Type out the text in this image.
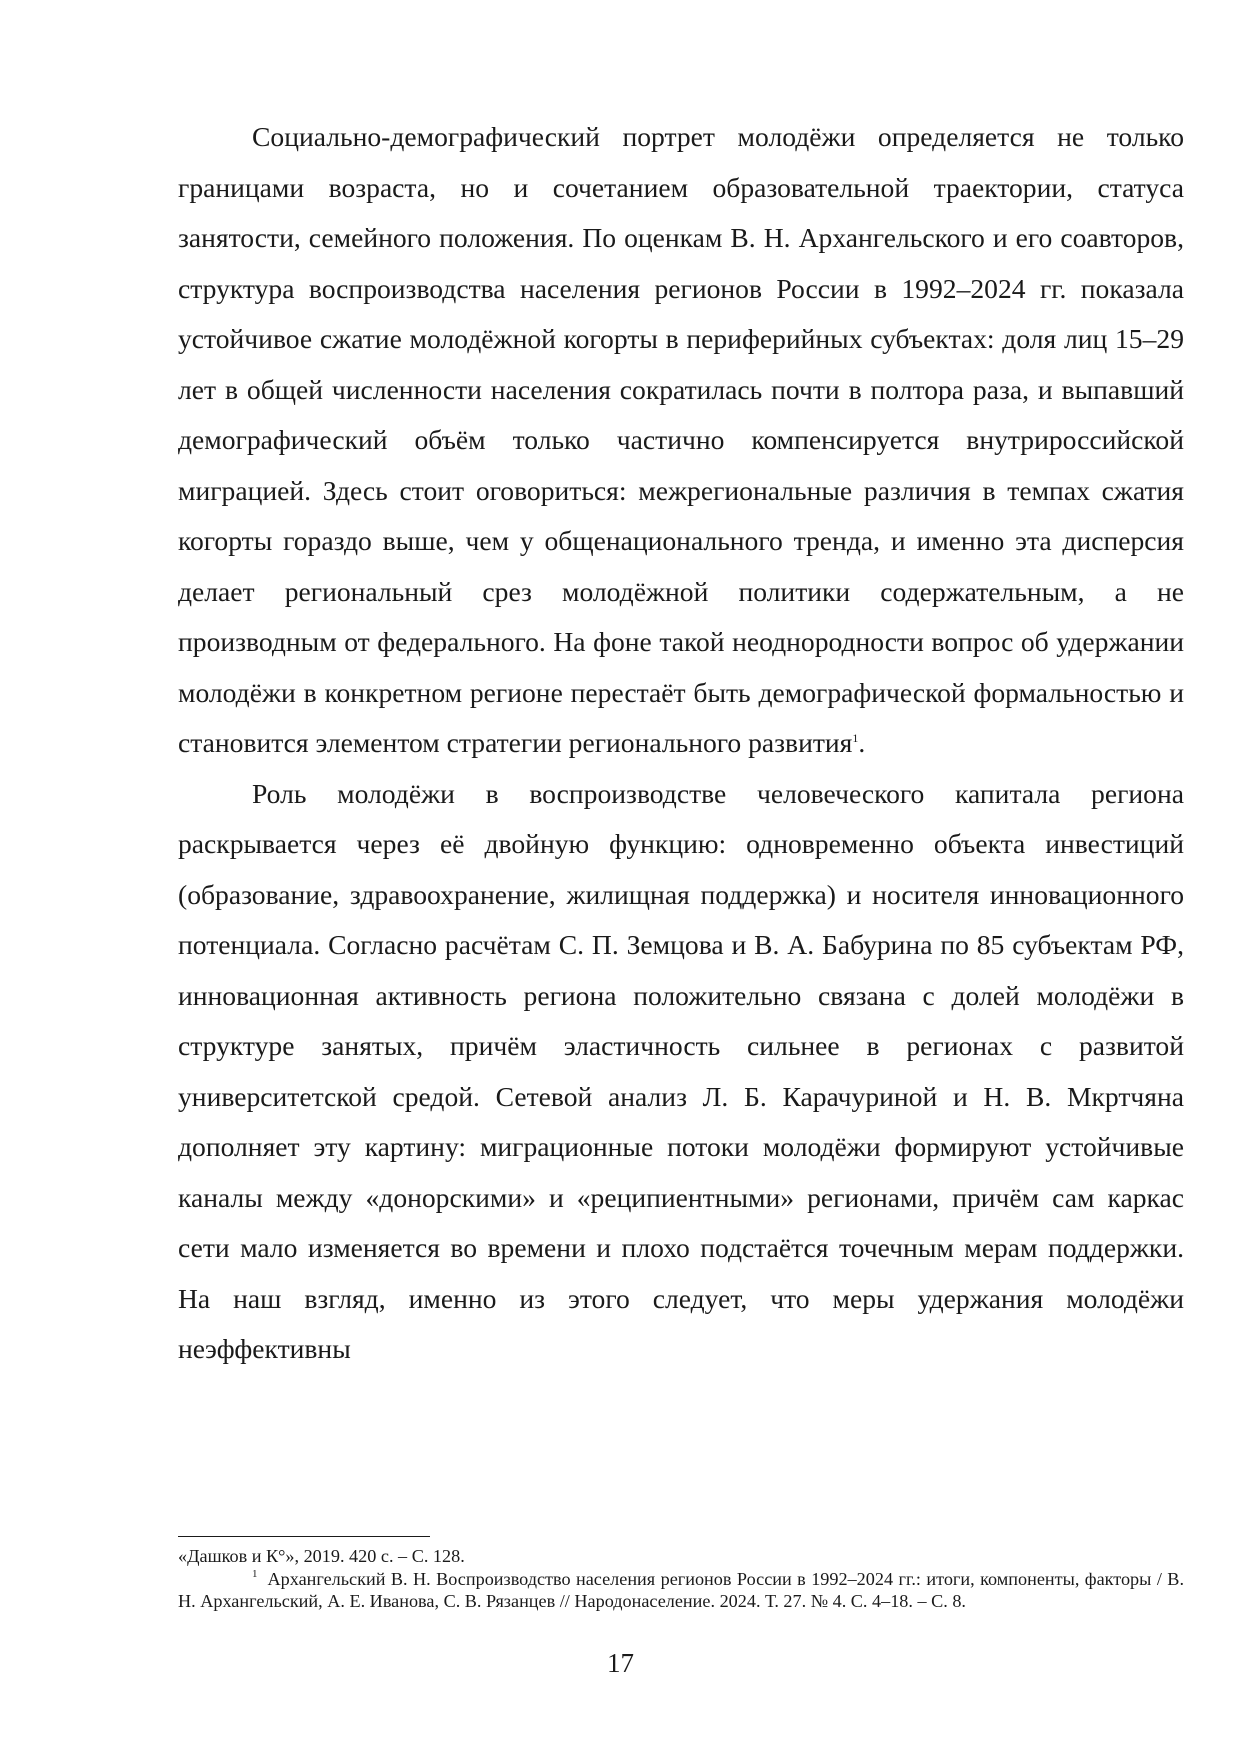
Социально-демографический портрет молодёжи определяется не только границами возраста, но и сочетанием образовательной траектории, статуса занятости, семейного положения. По оценкам В. Н. Архангельского и его соавторов, структура воспроизводства населения регионов России в 1992–2024 гг. показала устойчивое сжатие молодёжной когорты в периферийных субъектах: доля лиц 15–29 лет в общей численности населения сократилась почти в полтора раза, и выпавший демографический объём только частично компенсируется внутрироссийской миграцией. Здесь стоит оговориться: межрегиональные различия в темпах сжатия когорты гораздо выше, чем у общенационального тренда, и именно эта дисперсия делает региональный срез молодёжной политики содержательным, а не производным от федерального. На фоне такой неоднородности вопрос об удержании молодёжи в конкретном регионе перестаёт быть демографической формальностью и становится элементом стратегии регионального развития$^1$.

Роль молодёжи в воспроизводстве человеческого капитала региона раскрывается через её двойную функцию: одновременно объекта инвестиций (образование, здравоохранение, жилищная поддержка) и носителя инновационного потенциала. Согласно расчётам С. П. Земцова и В. А. Бабурина по 85 субъектам РФ, инновационная активность региона положительно связана с долей молодёжи в структуре занятых, причём эластичность сильнее в регионах с развитой университетской средой. Сетевой анализ Л. Б. Карачуриной и Н. В. Мкртчяна дополняет эту картину: миграционные потоки молодёжи формируют устойчивые каналы между «донорскими» и «реципиентными» регионами, причём сам каркас сети мало изменяется во времени и плохо подстаётся точечным мерам поддержки. На наш взгляд, именно из этого следует, что меры удержания молодёжи неэффективны

«Дашков и К°», 2019. 420 с. – С. 128.

$^1$ Архангельский В. Н. Воспроизводство населения регионов России в 1992–2024 гг.: итоги, компоненты, факторы / В. Н. Архангельский, А. Е. Иванова, С. В. Рязанцев // Народонаселение. 2024. Т. 27. № 4. С. 4–18. – С. 8.

17
